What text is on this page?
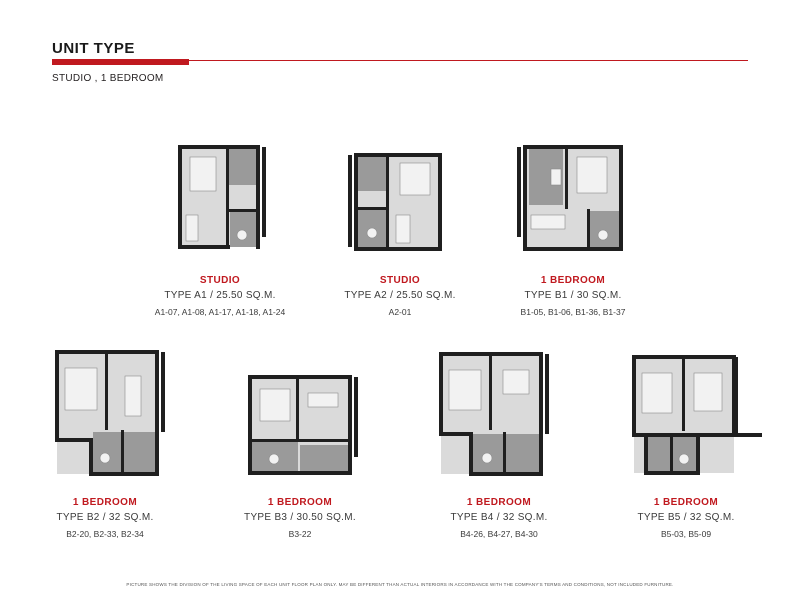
UNIT TYPE
STUDIO , 1 BEDROOM
STUDIO
TYPE A1 / 25.50 SQ.M.
A1-07, A1-08, A1-17, A1-18, A1-24
STUDIO
TYPE A2 / 25.50 SQ.M.
A2-01
1 BEDROOM
TYPE B1 / 30 SQ.M.
B1-05, B1-06, B1-36, B1-37
1 BEDROOM
TYPE B2 / 32 SQ.M.
B2-20, B2-33, B2-34
1 BEDROOM
TYPE B3 / 30.50 SQ.M.
B3-22
1 BEDROOM
TYPE B4 / 32 SQ.M.
B4-26, B4-27, B4-30
1 BEDROOM
TYPE B5 / 32 SQ.M.
B5-03, B5-09
PICTURE SHOWS THE DIVISION OF THE LIVING SPACE OF EACH UNIT FLOOR PLAN ONLY. MAY BE DIFFERENT THAN ACTUAL INTERIORS IN ACCORDANCE WITH THE COMPANY'S TERMS AND CONDITIONS, NOT INCLUDED FURNITURE.
